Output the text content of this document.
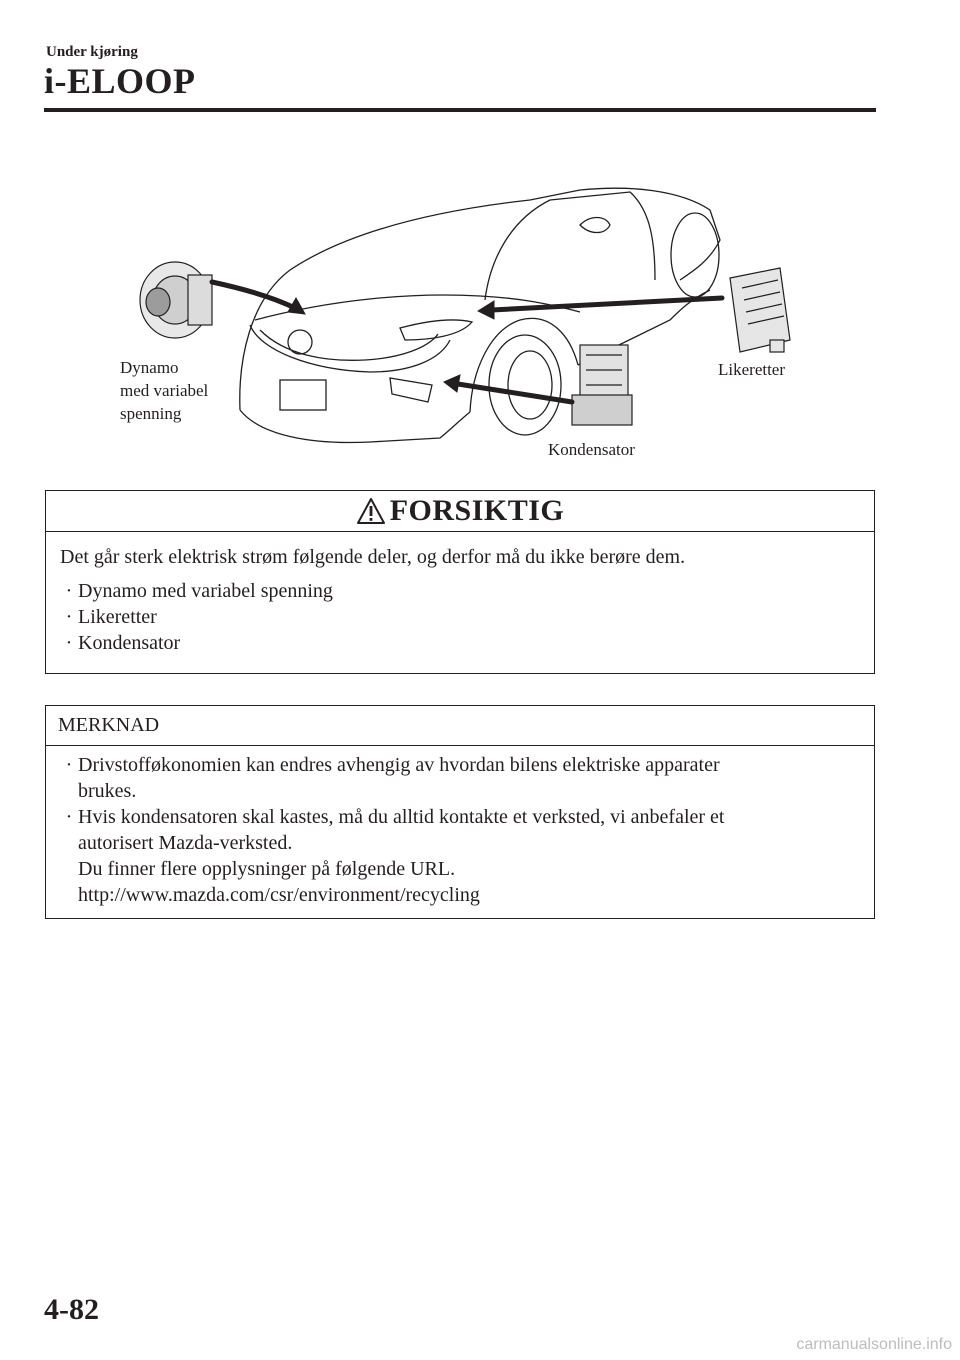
Under kjøring
i-ELOOP
Dynamo
med variabel
spenning
Likeretter
Kondensator
FORSIKTIG
Det går sterk elektrisk strøm følgende deler, og derfor må du ikke berøre dem.
· Dynamo med variabel spenning
· Likeretter
· Kondensator
MERKNAD
· Drivstofføkonomien kan endres avhengig av hvordan bilens elektriske apparater
brukes.
· Hvis kondensatoren skal kastes, må du alltid kontakte et verksted, vi anbefaler et
autorisert Mazda-verksted.
Du finner flere opplysninger på følgende URL.
http://www.mazda.com/csr/environment/recycling
4-82
carmanualsonline.info
